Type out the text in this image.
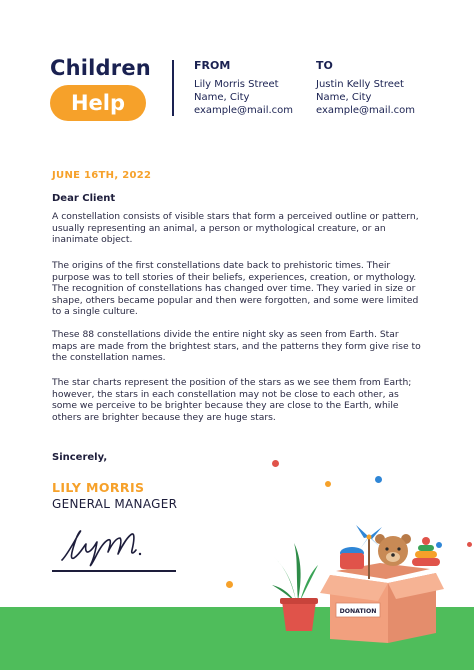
Children
Help
FROM
Lily Morris Street
Name, City
example@mail.com
TO
Justin Kelly Street
Name, City
example@mail.com
JUNE 16TH, 2022
Dear Client

A constellation consists of visible stars that form a perceived outline or pattern, usually representing an animal, a person or mythological creature, or an inanimate object.

The origins of the first constellations date back to prehistoric times. Their purpose was to tell stories of their beliefs, experiences, creation, or mythology. The recognition of constellations has changed over time. They varied in size or shape, others became popular and then were forgotten, and some were limited to a single culture.

These 88 constellations divide the entire night sky as seen from Earth. Star maps are made from the brightest stars, and the patterns they form give rise to the constellation names.

The star charts represent the position of the stars as we see them from Earth; however, the stars in each constellation may not be close to each other, as some we perceive to be brighter because they are close to the Earth, while others are brighter because they are huge stars.

Sincerely,
LILY MORRIS
GENERAL MANAGER
DONATION
